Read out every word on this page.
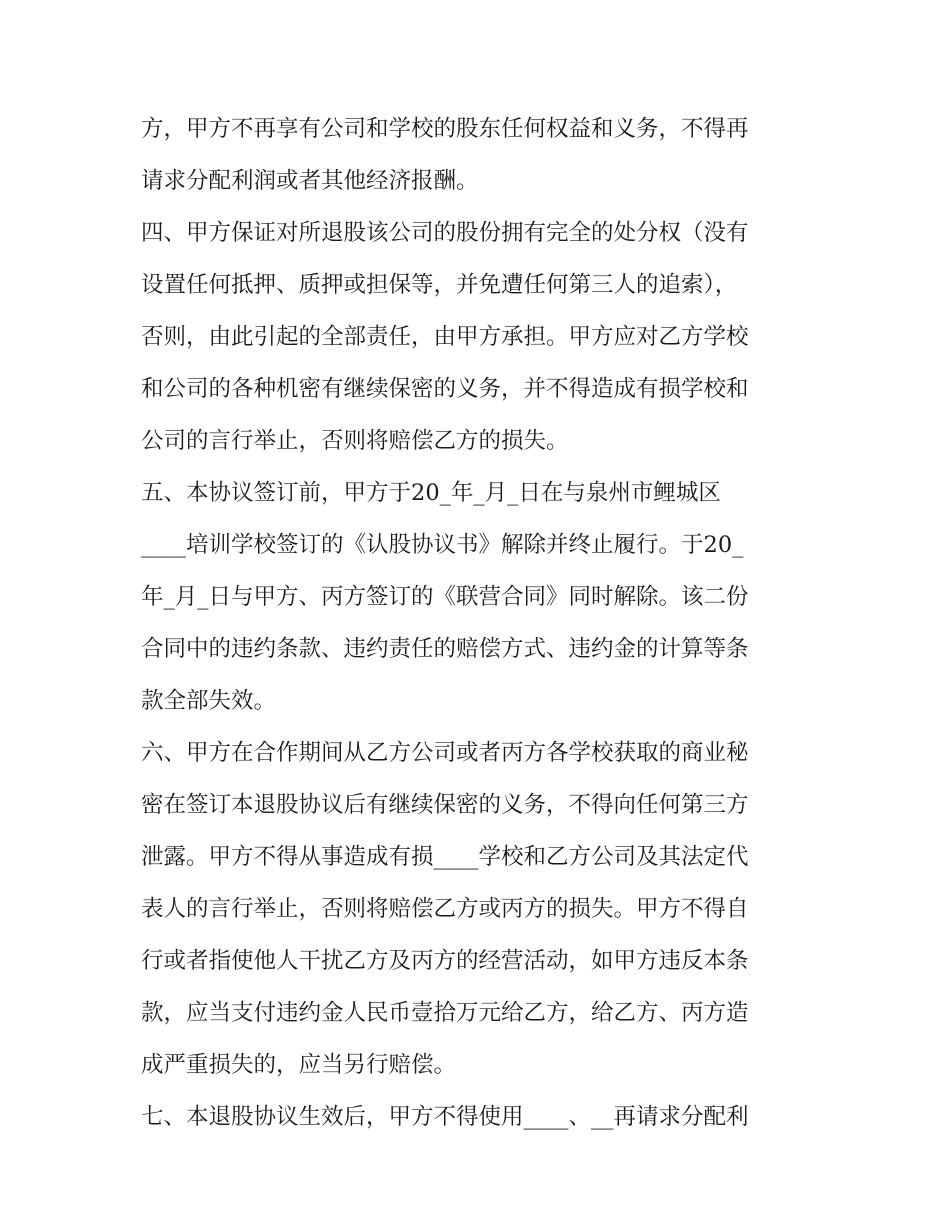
方，甲方不再享有公司和学校的股东任何权益和义务，不得再
请求分配利润或者其他经济报酬。
四、甲方保证对所退股该公司的股份拥有完全的处分权（没有
设置任何抵押、质押或担保等，并免遭任何第三人的追索），
否则，由此引起的全部责任，由甲方承担。甲方应对乙方学校
和公司的各种机密有继续保密的义务，并不得造成有损学校和
公司的言行举止，否则将赔偿乙方的损失。
五、本协议签订前，甲方于20_年_月_日在与泉州市鲤城区
____培训学校签订的《认股协议书》解除并终止履行。于20_
年_月_日与甲方、丙方签订的《联营合同》同时解除。该二份
合同中的违约条款、违约责任的赔偿方式、违约金的计算等条
款全部失效。
六、甲方在合作期间从乙方公司或者丙方各学校获取的商业秘
密在签订本退股协议后有继续保密的义务，不得向任何第三方
泄露。甲方不得从事造成有损____学校和乙方公司及其法定代
表人的言行举止，否则将赔偿乙方或丙方的损失。甲方不得自
行或者指使他人干扰乙方及丙方的经营活动，如甲方违反本条
款，应当支付违约金人民币壹拾万元给乙方，给乙方、丙方造
成严重损失的，应当另行赔偿。
七、本退股协议生效后，甲方不得使用____、__再请求分配利
